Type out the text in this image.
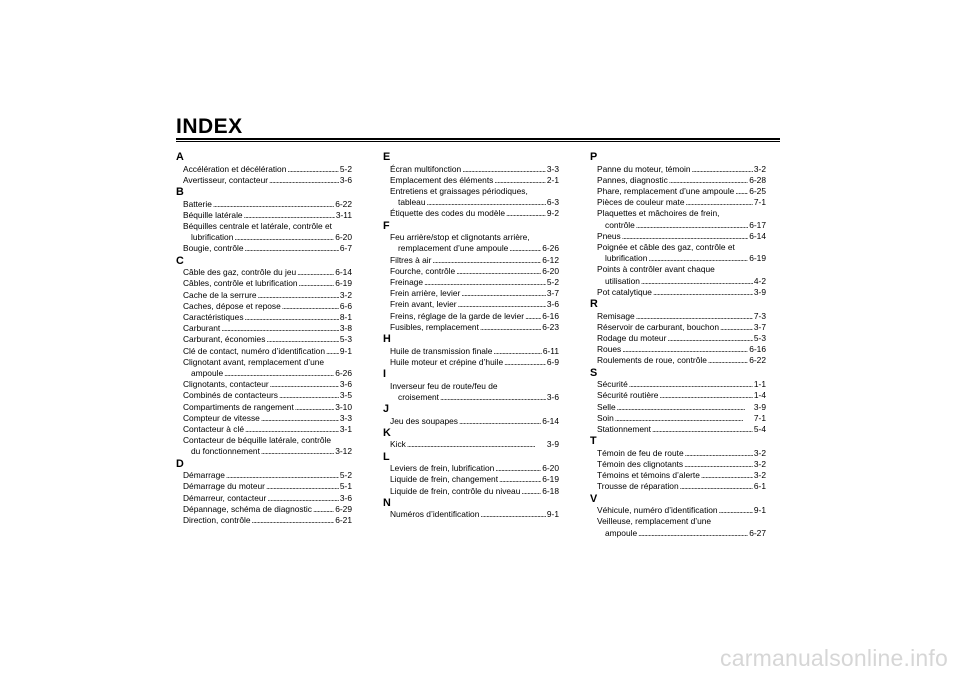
INDEX
A
Accélération et décélération . . .	5-2
Avertisseur, contacteur . . .	3-6
B
Batterie . . .	6-22
Béquille latérale . . .	3-11
Béquilles centrale et latérale, contrôle et
lubrification . . .	6-20
Bougie, contrôle . . .	6-7
C
Câble des gaz, contrôle du jeu . . .	6-14
Câbles, contrôle et lubrification . . .	6-19
Cache de la serrure . . .	3-2
Caches, dépose et repose . . .	6-6
Caractéristiques . . .	8-1
Carburant . . .	3-8
Carburant, économies . . .	5-3
Clé de contact, numéro d’identification . . . 9-1
Clignotant avant, remplacement d’une
ampoule . . .	6-26
Clignotants, contacteur . . .	3-6
Combinés de contacteurs . . .	3-5
Compartiments de rangement . . .	3-10
Compteur de vitesse . . .	3-3
Contacteur à clé . . .	3-1
Contacteur de béquille latérale, contrôle
du fonctionnement . . .	3-12
D
Démarrage . . .	5-2
Démarrage du moteur . . .	5-1
Démarreur, contacteur . . .	3-6
Dépannage, schéma de diagnostic . . .	6-29
Direction, contrôle . . .	6-21
E
Écran multifonction . . .	3-3
Emplacement des éléments . . .	2-1
Entretiens et graissages périodiques,
tableau . . .	6-3
Étiquette des codes du modèle . . .	9-2
F
Feu arrière/stop et clignotants arrière,
remplacement d’une ampoule . . .	6-26
Filtres à air . . .	6-12
Fourche, contrôle . . .	6-20
Freinage . . .	5-2
Frein arrière, levier . . .	3-7
Frein avant, levier . . .	3-6
Freins, réglage de la garde de levier . . . 6-16
Fusibles, remplacement . . .	6-23
H
Huile de transmission finale . . .	6-11
Huile moteur et crépine d’huile . . .	6-9
I
Inverseur feu de route/feu de
croisement . . .	3-6
J
Jeu des soupapes . . .	6-14
K
Kick . . .	3-9
L
Leviers de frein, lubrification . . .	6-20
Liquide de frein, changement . . .	6-19
Liquide de frein, contrôle du niveau . . .	6-18
N
Numéros d’identification . . .	9-1
P
Panne du moteur, témoin . . .	3-2
Pannes, diagnostic . . .	6-28
Phare, remplacement d’une ampoule . . . 6-25
Pièces de couleur mate . . .	7-1
Plaquettes et mâchoires de frein,
contrôle . . .	6-17
Pneus . . .	6-14
Poignée et câble des gaz, contrôle et
lubrification . . .	6-19
Points à contrôler avant chaque
utilisation . . .	4-2
Pot catalytique . . .	3-9
R
Remisage . . .	7-3
Réservoir de carburant, bouchon . . .	3-7
Rodage du moteur . . .	5-3
Roues . . .	6-16
Roulements de roue, contrôle . . .	6-22
S
Sécurité . . .	1-1
Sécurité routière . . .	1-4
Selle . . .	3-9
Soin . . .	7-1
Stationnement . . .	5-4
T
Témoin de feu de route . . .	3-2
Témoin des clignotants . . .	3-2
Témoins et témoins d’alerte . . .	3-2
Trousse de réparation . . .	6-1
V
Véhicule, numéro d’identification . . .	9-1
Veilleuse, remplacement d’une
ampoule . . .	6-27
carmanualsonline.info
